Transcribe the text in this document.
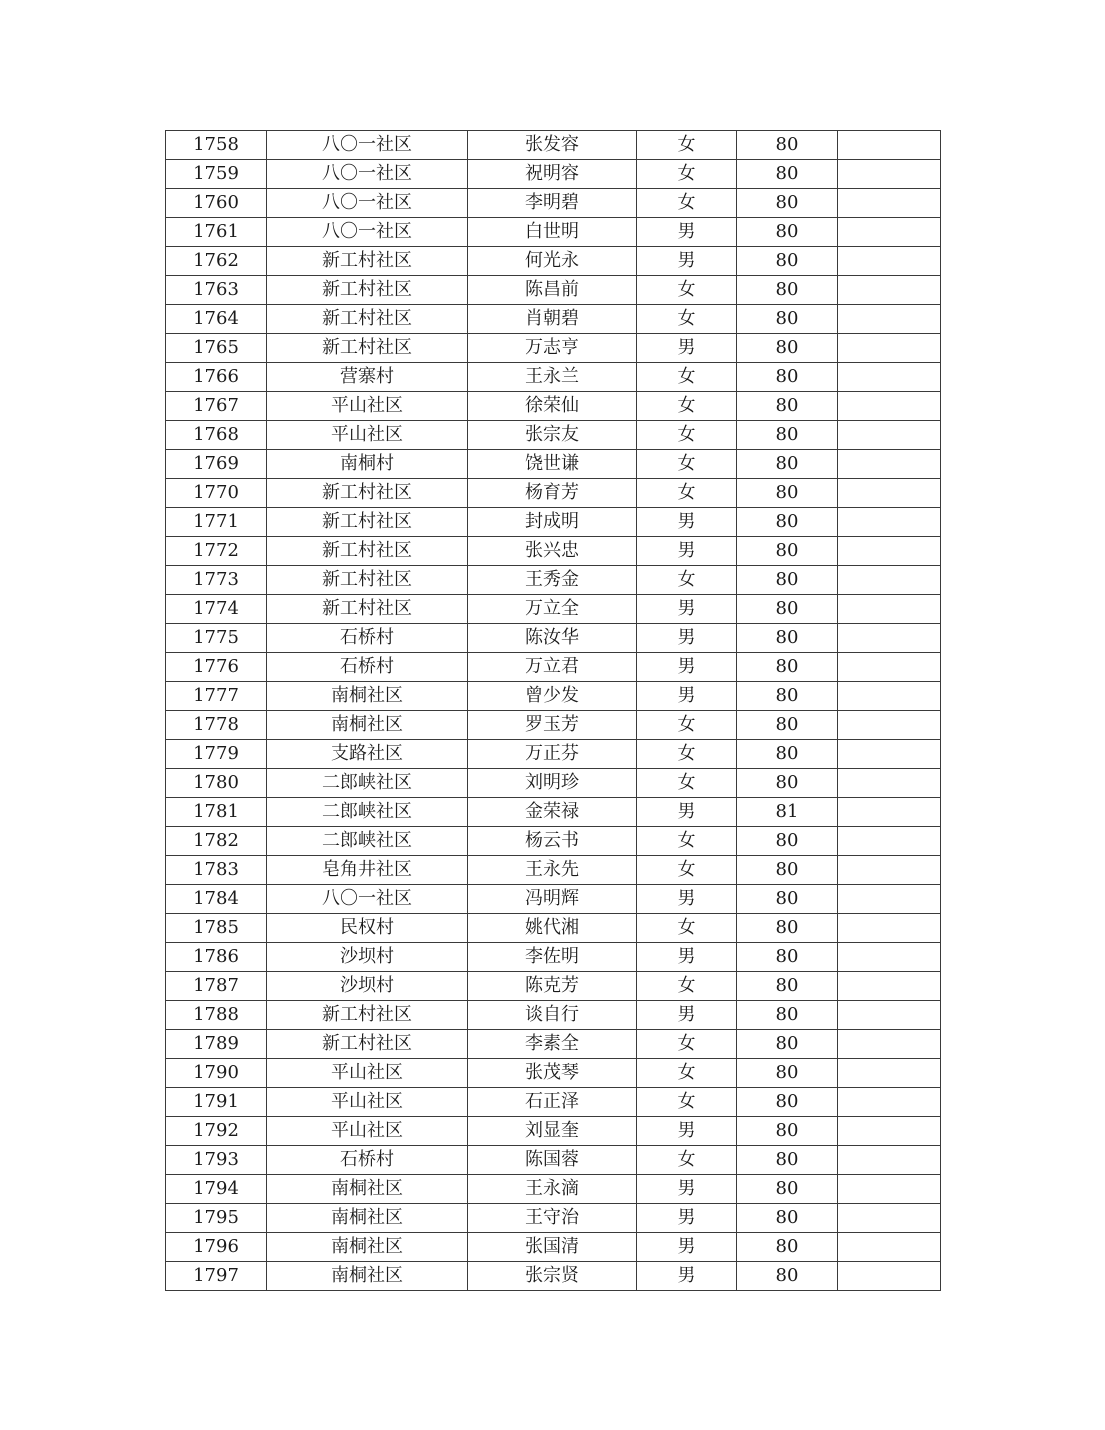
1758	八〇一社区	张发容	女	80	
1759	八〇一社区	祝明容	女	80	
1760	八〇一社区	李明碧	女	80	
1761	八〇一社区	白世明	男	80	
1762	新工村社区	何光永	男	80	
1763	新工村社区	陈昌前	女	80	
1764	新工村社区	肖朝碧	女	80	
1765	新工村社区	万志亨	男	80	
1766	营寨村	王永兰	女	80	
1767	平山社区	徐荣仙	女	80	
1768	平山社区	张宗友	女	80	
1769	南桐村	饶世谦	女	80	
1770	新工村社区	杨育芳	女	80	
1771	新工村社区	封成明	男	80	
1772	新工村社区	张兴忠	男	80	
1773	新工村社区	王秀金	女	80	
1774	新工村社区	万立全	男	80	
1775	石桥村	陈汝华	男	80	
1776	石桥村	万立君	男	80	
1777	南桐社区	曾少发	男	80	
1778	南桐社区	罗玉芳	女	80	
1779	支路社区	万正芬	女	80	
1780	二郎峡社区	刘明珍	女	80	
1781	二郎峡社区	金荣禄	男	81	
1782	二郎峡社区	杨云书	女	80	
1783	皂角井社区	王永先	女	80	
1784	八〇一社区	冯明辉	男	80	
1785	民权村	姚代湘	女	80	
1786	沙坝村	李佐明	男	80	
1787	沙坝村	陈克芳	女	80	
1788	新工村社区	谈自行	男	80	
1789	新工村社区	李素全	女	80	
1790	平山社区	张茂琴	女	80	
1791	平山社区	石正泽	女	80	
1792	平山社区	刘显奎	男	80	
1793	石桥村	陈国蓉	女	80	
1794	南桐社区	王永滴	男	80	
1795	南桐社区	王守治	男	80	
1796	南桐社区	张国清	男	80	
1797	南桐社区	张宗贤	男	80	
